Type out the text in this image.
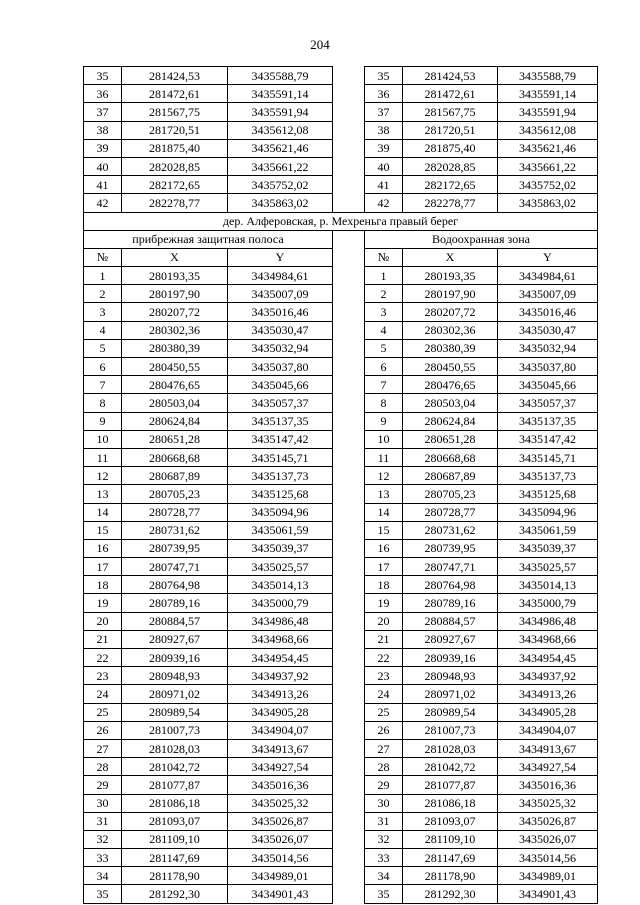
204
35	281424,53	3435588,79		35	281424,53	3435588,79
36	281472,61	3435591,14		36	281472,61	3435591,14
37	281567,75	3435591,94		37	281567,75	3435591,94
38	281720,51	3435612,08		38	281720,51	3435612,08
39	281875,40	3435621,46		39	281875,40	3435621,46
40	282028,85	3435661,22		40	282028,85	3435661,22
41	282172,65	3435752,02		41	282172,65	3435752,02
42	282278,77	3435863,02		42	282278,77	3435863,02
дер. Алферовская, р. Мехреньга правый берег						
прибрежная защитная полоса				Водоохранная зона		
№	X	Y		№	X	Y
1	280193,35	3434984,61		1	280193,35	3434984,61
2	280197,90	3435007,09		2	280197,90	3435007,09
3	280207,72	3435016,46		3	280207,72	3435016,46
4	280302,36	3435030,47		4	280302,36	3435030,47
5	280380,39	3435032,94		5	280380,39	3435032,94
6	280450,55	3435037,80		6	280450,55	3435037,80
7	280476,65	3435045,66		7	280476,65	3435045,66
8	280503,04	3435057,37		8	280503,04	3435057,37
9	280624,84	3435137,35		9	280624,84	3435137,35
10	280651,28	3435147,42		10	280651,28	3435147,42
11	280668,68	3435145,71		11	280668,68	3435145,71
12	280687,89	3435137,73		12	280687,89	3435137,73
13	280705,23	3435125,68		13	280705,23	3435125,68
14	280728,77	3435094,96		14	280728,77	3435094,96
15	280731,62	3435061,59		15	280731,62	3435061,59
16	280739,95	3435039,37		16	280739,95	3435039,37
17	280747,71	3435025,57		17	280747,71	3435025,57
18	280764,98	3435014,13		18	280764,98	3435014,13
19	280789,16	3435000,79		19	280789,16	3435000,79
20	280884,57	3434986,48		20	280884,57	3434986,48
21	280927,67	3434968,66		21	280927,67	3434968,66
22	280939,16	3434954,45		22	280939,16	3434954,45
23	280948,93	3434937,92		23	280948,93	3434937,92
24	280971,02	3434913,26		24	280971,02	3434913,26
25	280989,54	3434905,28		25	280989,54	3434905,28
26	281007,73	3434904,07		26	281007,73	3434904,07
27	281028,03	3434913,67		27	281028,03	3434913,67
28	281042,72	3434927,54		28	281042,72	3434927,54
29	281077,87	3435016,36		29	281077,87	3435016,36
30	281086,18	3435025,32		30	281086,18	3435025,32
31	281093,07	3435026,87		31	281093,07	3435026,87
32	281109,10	3435026,07		32	281109,10	3435026,07
33	281147,69	3435014,56		33	281147,69	3435014,56
34	281178,90	3434989,01		34	281178,90	3434989,01
35	281292,30	3434901,43		35	281292,30	3434901,43
